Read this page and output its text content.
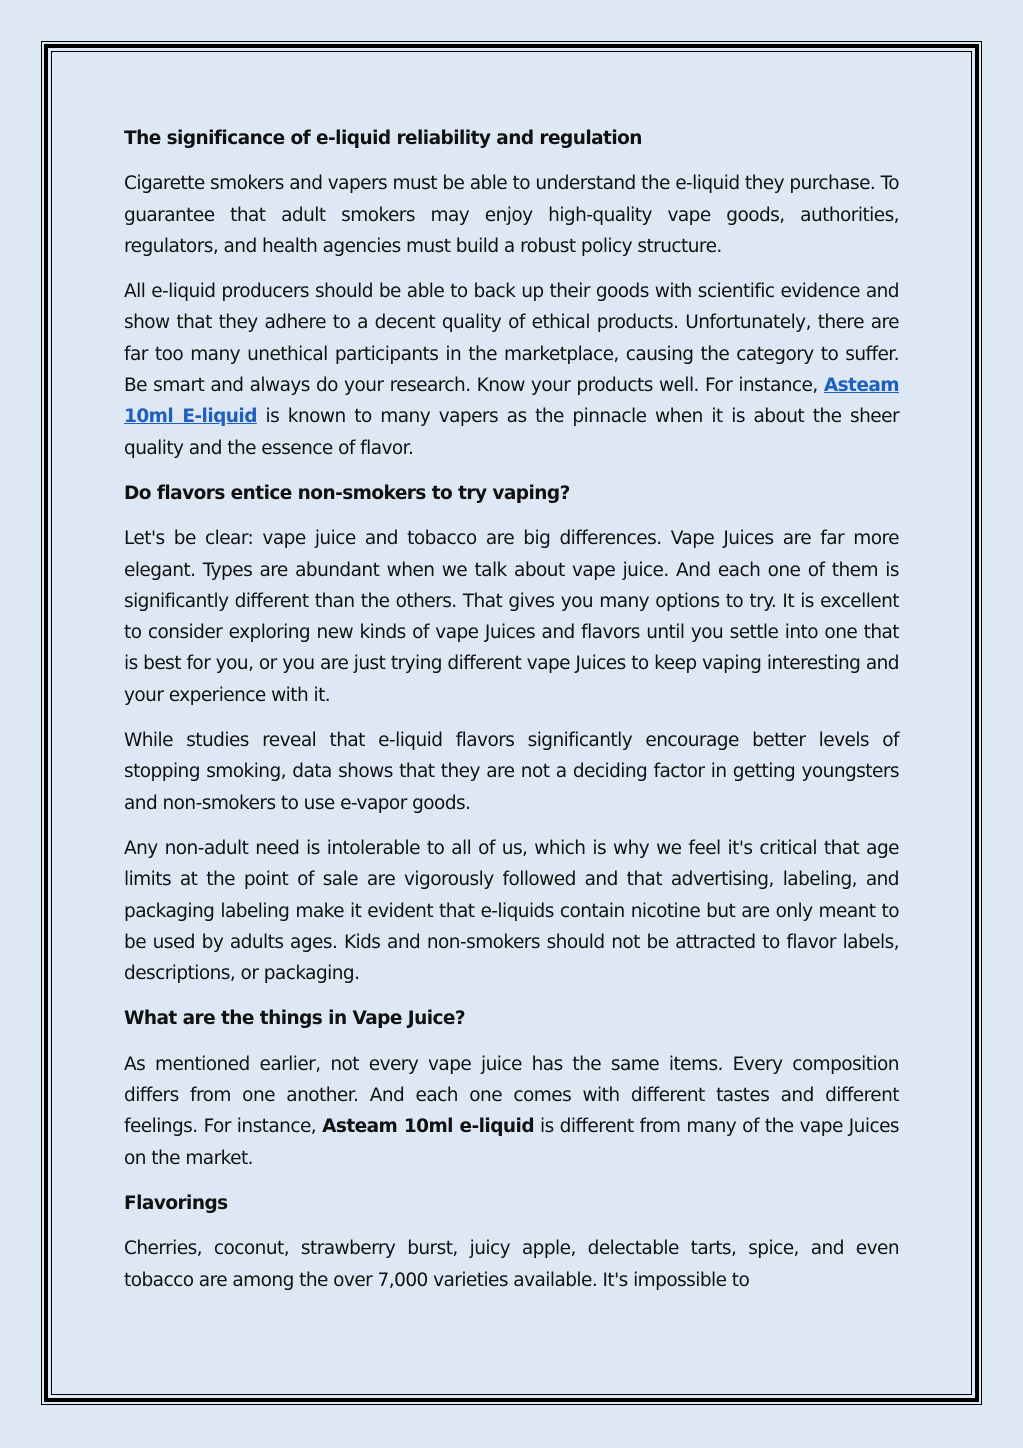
The significance of e-liquid reliability and regulation

Cigarette smokers and vapers must be able to understand the e-liquid they purchase. To guarantee that adult smokers may enjoy high-quality vape goods, authorities, regulators, and health agencies must build a robust policy structure.

All e-liquid producers should be able to back up their goods with scientific evidence and show that they adhere to a decent quality of ethical products. Unfortunately, there are far too many unethical participants in the marketplace, causing the category to suffer. Be smart and always do your research. Know your products well. For instance, Asteam 10ml E-liquid is known to many vapers as the pinnacle when it is about the sheer quality and the essence of flavor.

Do flavors entice non-smokers to try vaping?

Let's be clear: vape juice and tobacco are big differences. Vape Juices are far more elegant. Types are abundant when we talk about vape juice. And each one of them is significantly different than the others. That gives you many options to try. It is excellent to consider exploring new kinds of vape Juices and flavors until you settle into one that is best for you, or you are just trying different vape Juices to keep vaping interesting and your experience with it.

While studies reveal that e-liquid flavors significantly encourage better levels of stopping smoking, data shows that they are not a deciding factor in getting youngsters and non-smokers to use e-vapor goods.

Any non-adult need is intolerable to all of us, which is why we feel it's critical that age limits at the point of sale are vigorously followed and that advertising, labeling, and packaging labeling make it evident that e-liquids contain nicotine but are only meant to be used by adults ages. Kids and non-smokers should not be attracted to flavor labels, descriptions, or packaging.

What are the things in Vape Juice?

As mentioned earlier, not every vape juice has the same items. Every composition differs from one another. And each one comes with different tastes and different feelings. For instance, Asteam 10ml e-liquid is different from many of the vape Juices on the market.

Flavorings

Cherries, coconut, strawberry burst, juicy apple, delectable tarts, spice, and even tobacco are among the over 7,000 varieties available. It's impossible to
